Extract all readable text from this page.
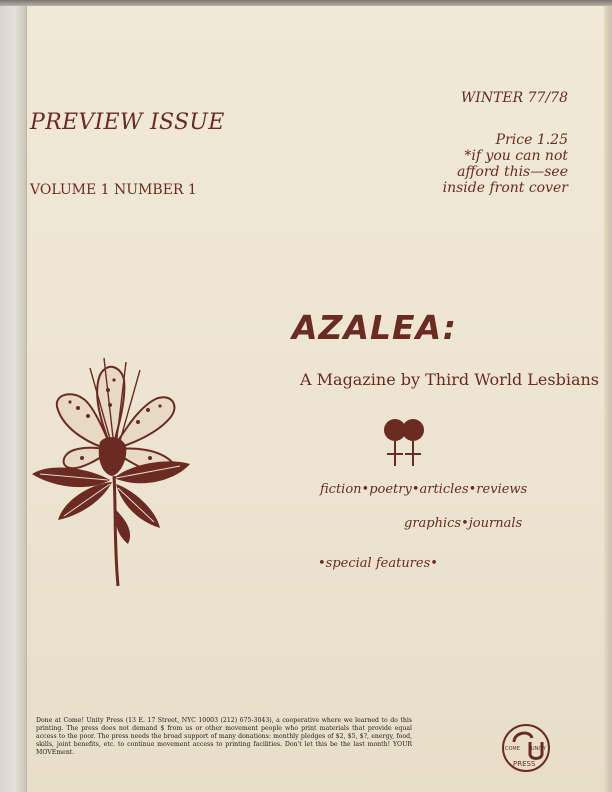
PREVIEW ISSUE

VOLUME 1 NUMBER 1

WINTER 77/78

Price 1.25
*if you can not
afford this—see
inside front cover

AZALEA:

A Magazine by Third World Lesbians

fiction•poetry•articles•reviews

graphics•journals

•special features•

Done at Come! Unity Press (13 E. 17 Street, NYC 10003 (212) 675-3043), a cooperative where we learned to do this printing. The press does not demand $ from us or other movement people who print materials that provide equal access to the poor. The press needs the broad support of many donations: monthly pledges of $2, $5, $?, energy, food, skills, joint benefits, etc. to continue movement access to printing facilities. Don't let this be the last month! YOUR MOVEment.	COME UNITY
PRESS
